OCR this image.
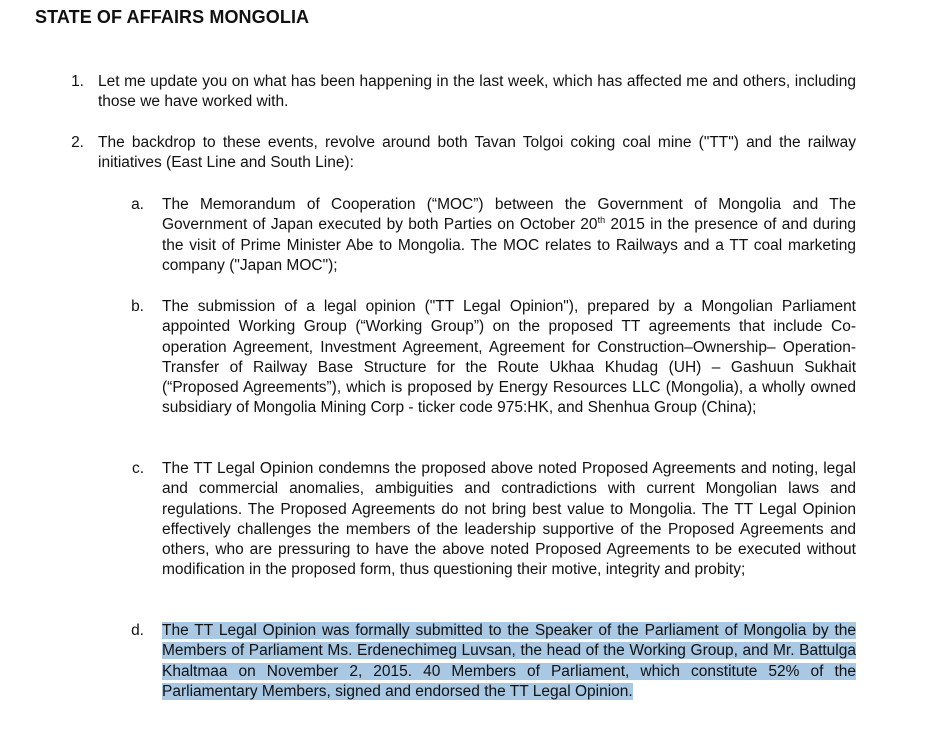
STATE OF AFFAIRS MONGOLIA
1. Let me update you on what has been happening in the last week, which has affected me and others, including those we have worked with.

2. The backdrop to these events, revolve around both Tavan Tolgoi coking coal mine ("TT") and the railway initiatives (East Line and South Line):

a. The Memorandum of Cooperation (“MOC”) between the Government of Mongolia and The Government of Japan executed by both Parties on October 20th 2015 in the presence of and during the visit of Prime Minister Abe to Mongolia. The MOC relates to Railways and a TT coal marketing company ("Japan MOC");

b. The submission of a legal opinion ("TT Legal Opinion"), prepared by a Mongolian Parliament appointed Working Group (“Working Group”) on the proposed TT agreements that include Co-operation Agreement, Investment Agreement, Agreement for Construction–Ownership– Operation-Transfer of Railway Base Structure for the Route Ukhaa Khudag (UH) – Gashuun Sukhait (“Proposed Agreements”), which is proposed by Energy Resources LLC (Mongolia), a wholly owned subsidiary of Mongolia Mining Corp - ticker code 975:HK, and Shenhua Group (China);

c. The TT Legal Opinion condemns the proposed above noted Proposed Agreements and noting, legal and commercial anomalies, ambiguities and contradictions with current Mongolian laws and regulations. The Proposed Agreements do not bring best value to Mongolia. The TT Legal Opinion effectively challenges the members of the leadership supportive of the Proposed Agreements and others, who are pressuring to have the above noted Proposed Agreements to be executed without modification in the proposed form, thus questioning their motive, integrity and probity;

d. The TT Legal Opinion was formally submitted to the Speaker of the Parliament of Mongolia by the Members of Parliament Ms. Erdenechimeg Luvsan, the head of the Working Group, and Mr. Battulga Khaltmaa on November 2, 2015. 40 Members of Parliament, which constitute 52% of the Parliamentary Members, signed and endorsed the TT Legal Opinion.
